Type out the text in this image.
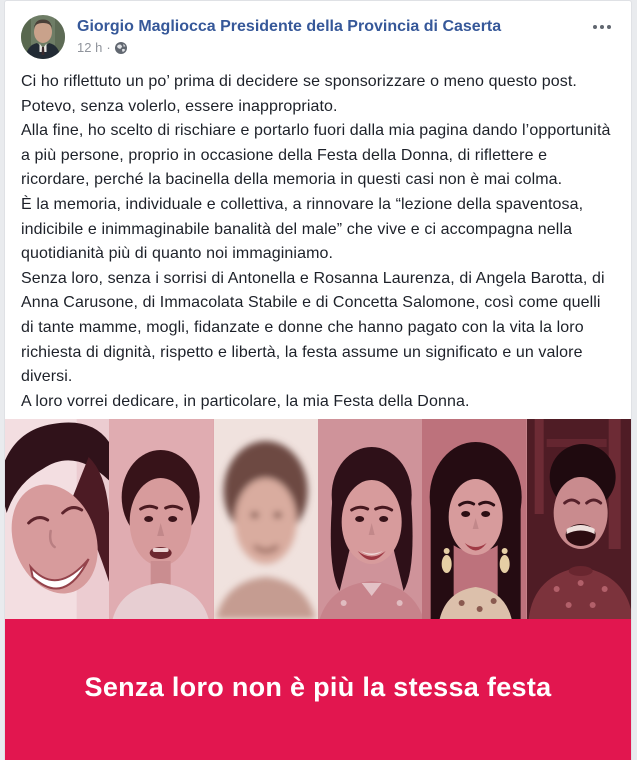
Giorgio Magliocca Presidente della Provincia di Caserta
12 h ·

Ci ho riflettuto un po’ prima di decidere se sponsorizzare o meno questo post.

Potevo, senza volerlo, essere inappropriato.

Alla fine, ho scelto di rischiare e portarlo fuori dalla mia pagina dando l’opportunità a più persone, proprio in occasione della Festa della Donna, di riflettere e ricordare, perché la bacinella della memoria in questi casi non è mai colma.

È la memoria, individuale e collettiva, a rinnovare la “lezione della spaventosa, indicibile e inimmaginabile banalità del male” che vive e ci accompagna nella quotidianità più di quanto noi immaginiamo.

Senza loro, senza i sorrisi di Antonella e Rosanna Laurenza, di Angela Barotta, di Anna Carusone, di Immacolata Stabile e di Concetta Salomone, così come quelli di tante mamme, mogli, fidanzate e donne che hanno pagato con la vita la loro richiesta di dignità, rispetto e libertà, la festa assume un significato e un valore diversi.

A loro vorrei dedicare, in particolare, la mia Festa della Donna.

Senza loro non è più la stessa festa
